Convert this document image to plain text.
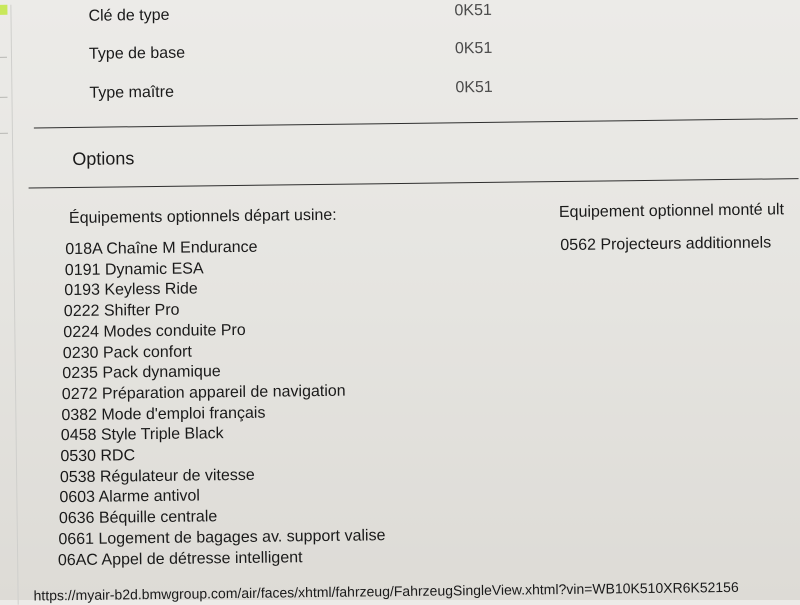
Clé de type	0K51
Type de base	0K51
Type maître	0K51
Options
Équipements optionnels départ usine:
018A Chaîne M Endurance
0191 Dynamic ESA
0193 Keyless Ride
0222 Shifter Pro
0224 Modes conduite Pro
0230 Pack confort
0235 Pack dynamique
0272 Préparation appareil de navigation
0382 Mode d'emploi français
0458 Style Triple Black
0530 RDC
0538 Régulateur de vitesse
0603 Alarme antivol
0636 Béquille centrale
0661 Logement de bagages av. support valise
06AC Appel de détresse intelligent
Equipement optionnel monté ult
0562 Projecteurs additionnels
https://myair-b2d.bmwgroup.com/air/faces/xhtml/fahrzeug/FahrzeugSingleView.xhtml?vin=WB10K510XR6K52156
